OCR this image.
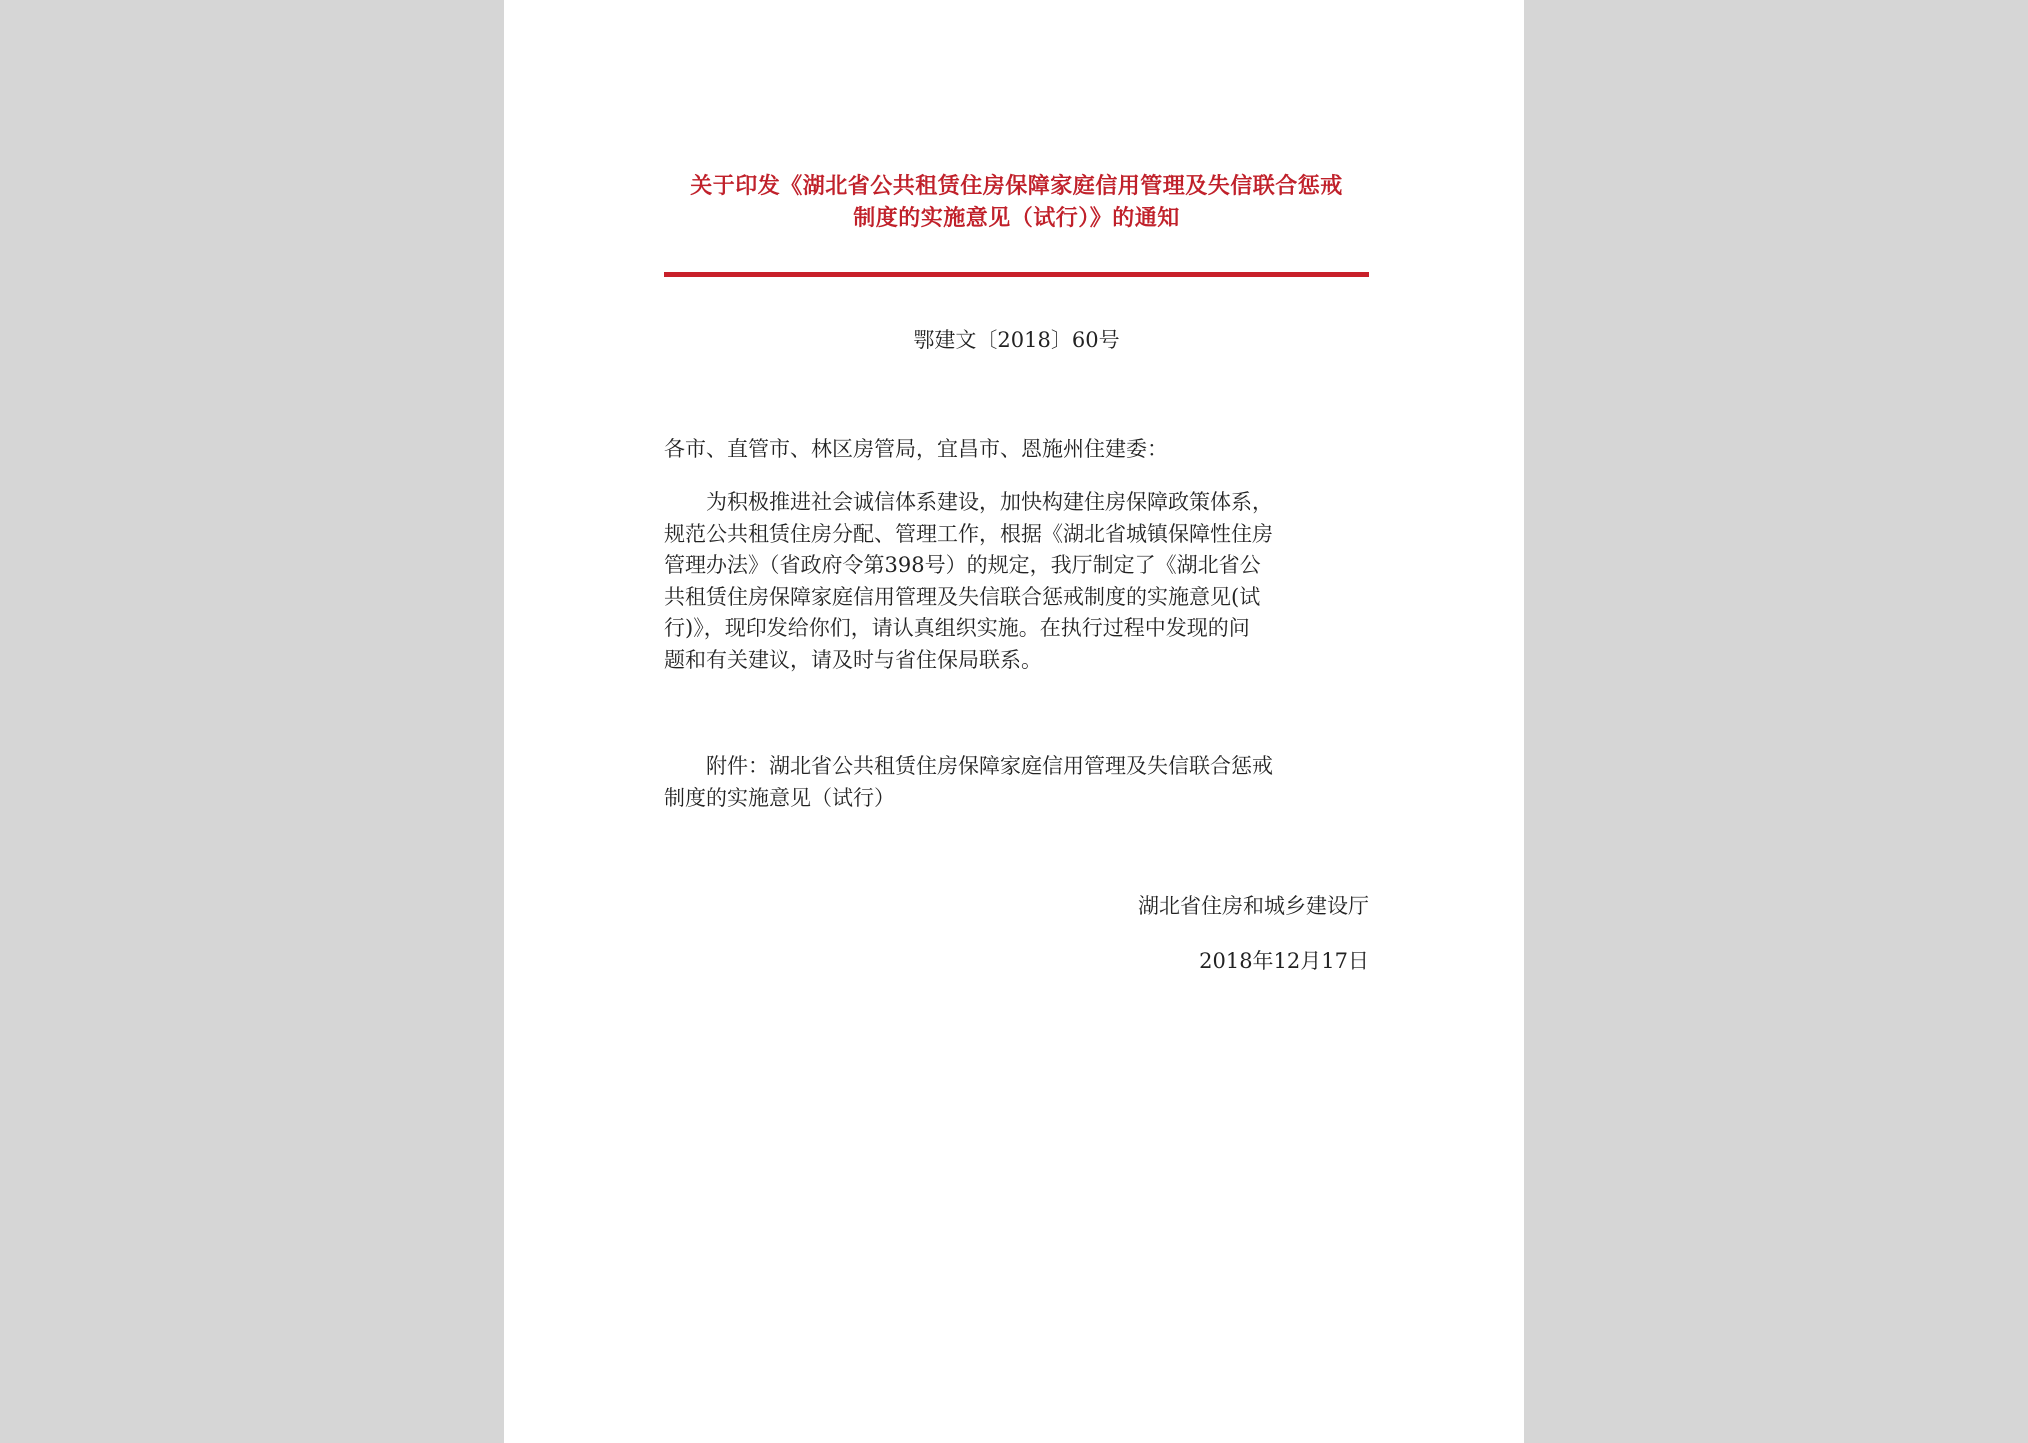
关于印发《湖北省公共租赁住房保障家庭信用管理及失信联合惩戒
制度的实施意见（试行）》的通知
鄂建文〔2018〕60号
各市、直管市、林区房管局，宜昌市、恩施州住建委：
　　为积极推进社会诚信体系建设，加快构建住房保障政策体系，
规范公共租赁住房分配、管理工作，根据《湖北省城镇保障性住房
管理办法》（省政府令第398号）的规定，我厅制定了《湖北省公
共租赁住房保障家庭信用管理及失信联合惩戒制度的实施意见(试
行)》，现印发给你们，请认真组织实施。在执行过程中发现的问
题和有关建议，请及时与省住保局联系。
　　附件：湖北省公共租赁住房保障家庭信用管理及失信联合惩戒
制度的实施意见（试行）
湖北省住房和城乡建设厅
2018年12月17日
